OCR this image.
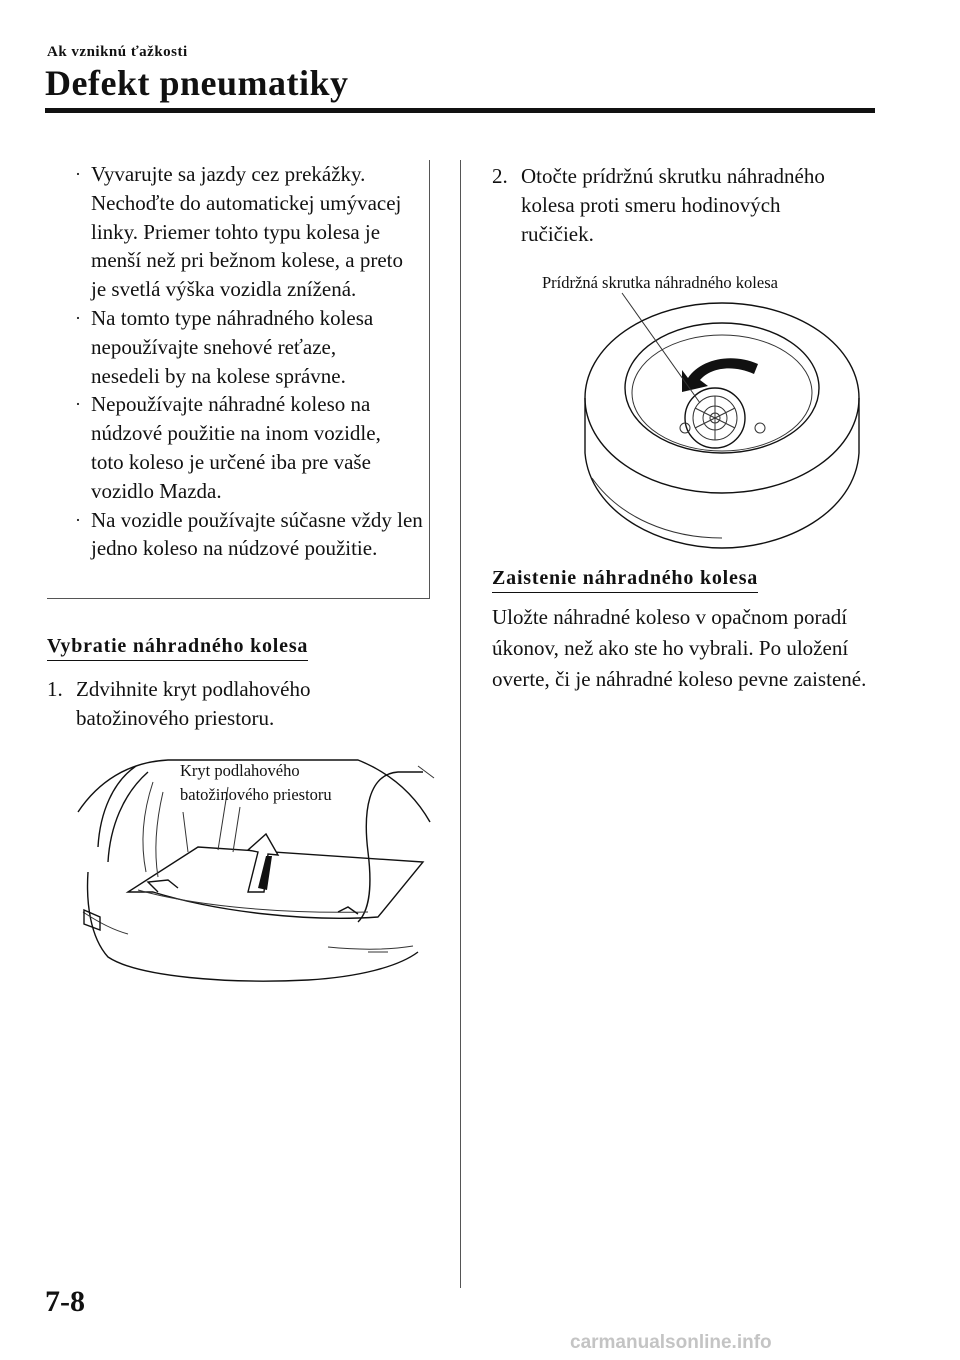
Ak vzniknú ťažkosti
Defekt pneumatiky
· Vyvarujte sa jazdy cez prekážky. Nechoďte do automatickej umývacej linky. Priemer tohto typu kolesa je menší než pri bežnom kolese, a preto je svetlá výška vozidla znížená.
· Na tomto type náhradného kolesa nepoužívajte snehové reťaze, nesedeli by na kolese správne.
· Nepoužívajte náhradné koleso na núdzové použitie na inom vozidle, toto koleso je určené iba pre vaše vozidlo Mazda.
· Na vozidle používajte súčasne vždy len jedno koleso na núdzové použitie.
Vybratie náhradného kolesa
1. Zdvihnite kryt podlahového batožinového priestoru.
Kryt podlahového
batožinového priestoru
2. Otočte prídržnú skrutku náhradného kolesa proti smeru hodinových ručičiek.
Prídržná skrutka náhradného kolesa
Zaistenie náhradného kolesa
Uložte náhradné koleso v opačnom poradí úkonov, než ako ste ho vybrali. Po uložení overte, či je náhradné koleso pevne zaistené.
7-8
carmanualsonline.info
